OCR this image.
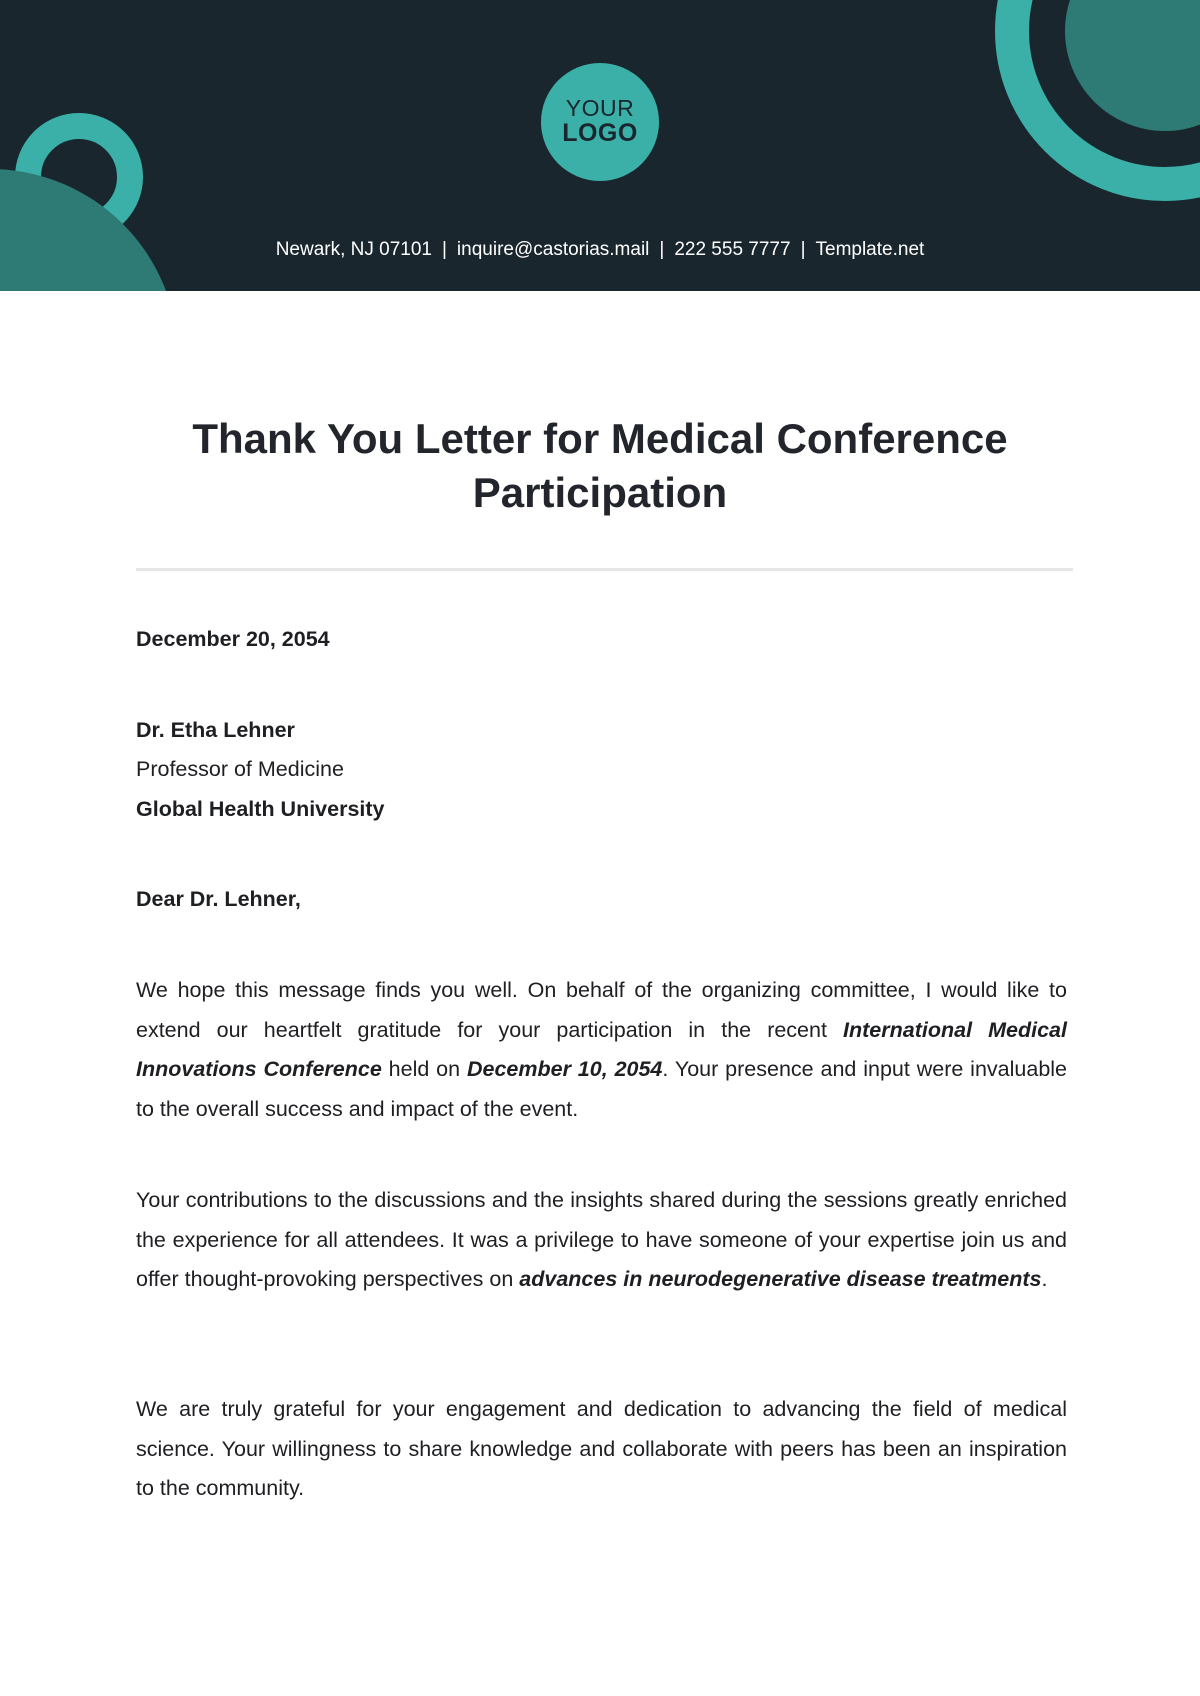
YOUR
LOGO
Newark, NJ 07101 | inquire@castorias.mail | 222 555 7777 | Template.net
Thank You Letter for Medical Conference Participation
December 20, 2054
Dr. Etha Lehner
Professor of Medicine
Global Health University
Dear Dr. Lehner,
We hope this message finds you well. On behalf of the organizing committee, I would like to extend our heartfelt gratitude for your participation in the recent International Medical Innovations Conference held on December 10, 2054. Your presence and input were invaluable to the overall success and impact of the event.
Your contributions to the discussions and the insights shared during the sessions greatly enriched the experience for all attendees. It was a privilege to have someone of your expertise join us and offer thought-provoking perspectives on advances in neurodegenerative disease treatments.
We are truly grateful for your engagement and dedication to advancing the field of medical science. Your willingness to share knowledge and collaborate with peers has been an inspiration to the community.
